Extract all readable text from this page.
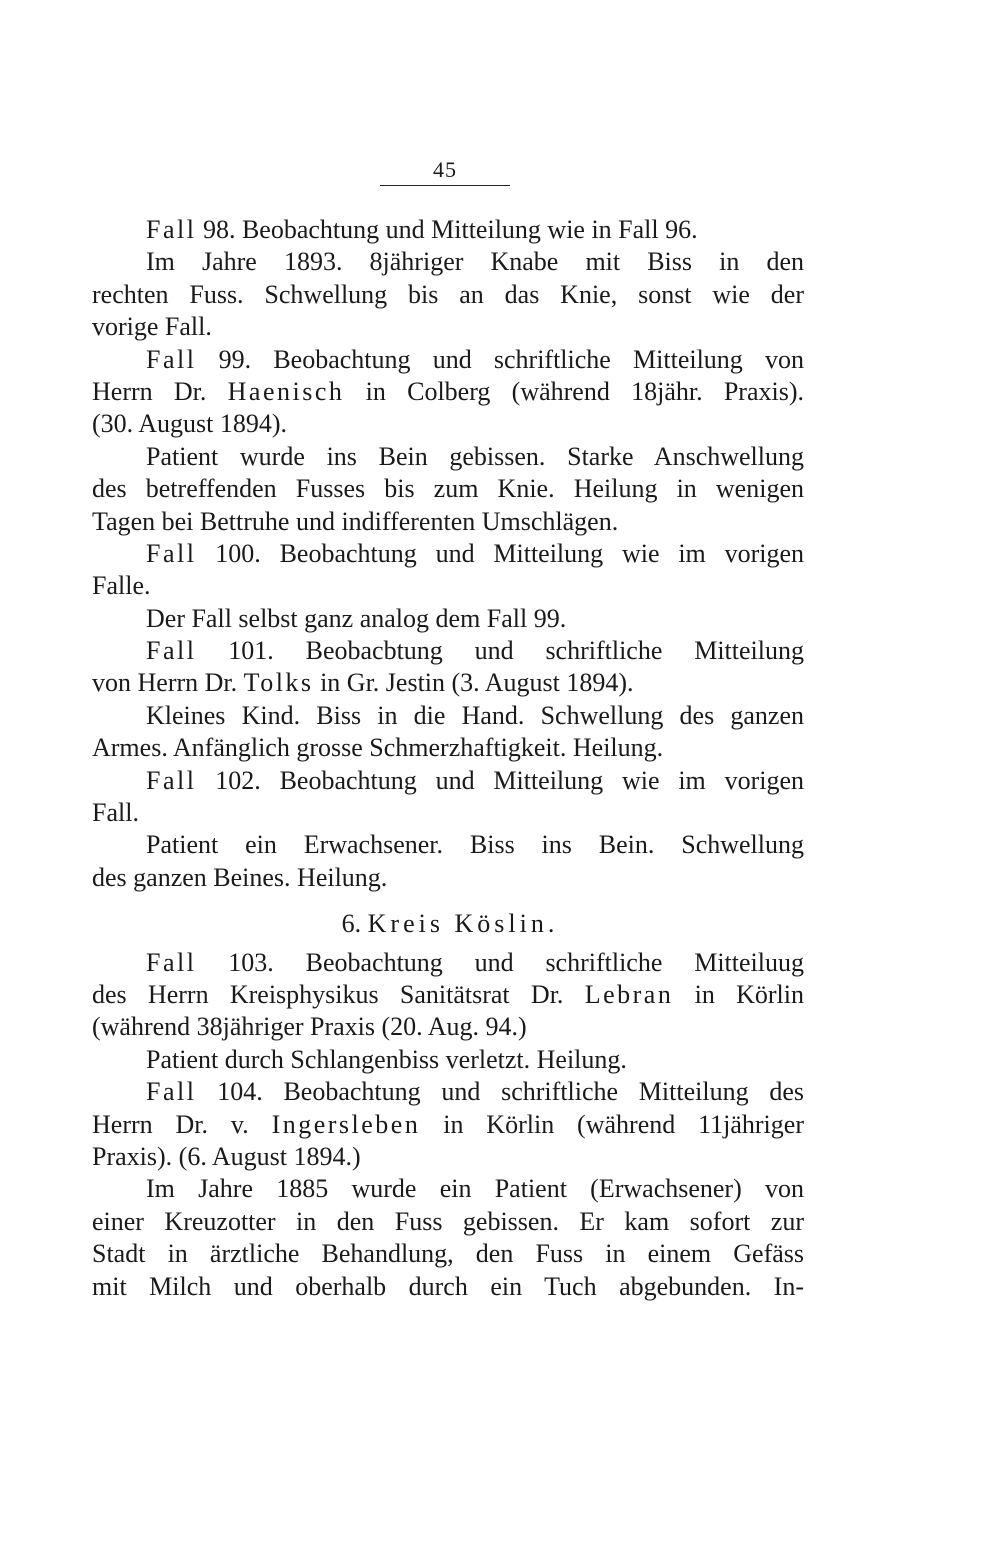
45
Fall 98. Beobachtung und Mitteilung wie in Fall 96.
Im Jahre 1893. 8jähriger Knabe mit Biss in den
rechten Fuss. Schwellung bis an das Knie, sonst wie der
vorige Fall.
Fall 99. Beobachtung und schriftliche Mitteilung von
Herrn Dr. Haenisch in Colberg (während 18jähr. Praxis).
(30. August 1894).
Patient wurde ins Bein gebissen. Starke Anschwellung
des betreffenden Fusses bis zum Knie. Heilung in wenigen
Tagen bei Bettruhe und indifferenten Umschlägen.
Fall 100. Beobachtung und Mitteilung wie im vorigen
Falle.
Der Fall selbst ganz analog dem Fall 99.
Fall 101. Beobacbtung und schriftliche Mitteilung
von Herrn Dr. Tolks in Gr. Jestin (3. August 1894).
Kleines Kind. Biss in die Hand. Schwellung des ganzen
Armes. Anfänglich grosse Schmerzhaftigkeit. Heilung.
Fall 102. Beobachtung und Mitteilung wie im vorigen
Fall.
Patient ein Erwachsener. Biss ins Bein. Schwellung
des ganzen Beines. Heilung.
6. Kreis Köslin.
Fall 103. Beobachtung und schriftliche Mitteiluug
des Herrn Kreisphysikus Sanitätsrat Dr. Lebran in Körlin
(während 38jähriger Praxis (20. Aug. 94.)
Patient durch Schlangenbiss verletzt. Heilung.
Fall 104. Beobachtung und schriftliche Mitteilung des
Herrn Dr. v. Ingersleben in Körlin (während 11jähriger
Praxis). (6. August 1894.)
Im Jahre 1885 wurde ein Patient (Erwachsener) von
einer Kreuzotter in den Fuss gebissen. Er kam sofort zur
Stadt in ärztliche Behandlung, den Fuss in einem Gefäss
mit Milch und oberhalb durch ein Tuch abgebunden. In-
